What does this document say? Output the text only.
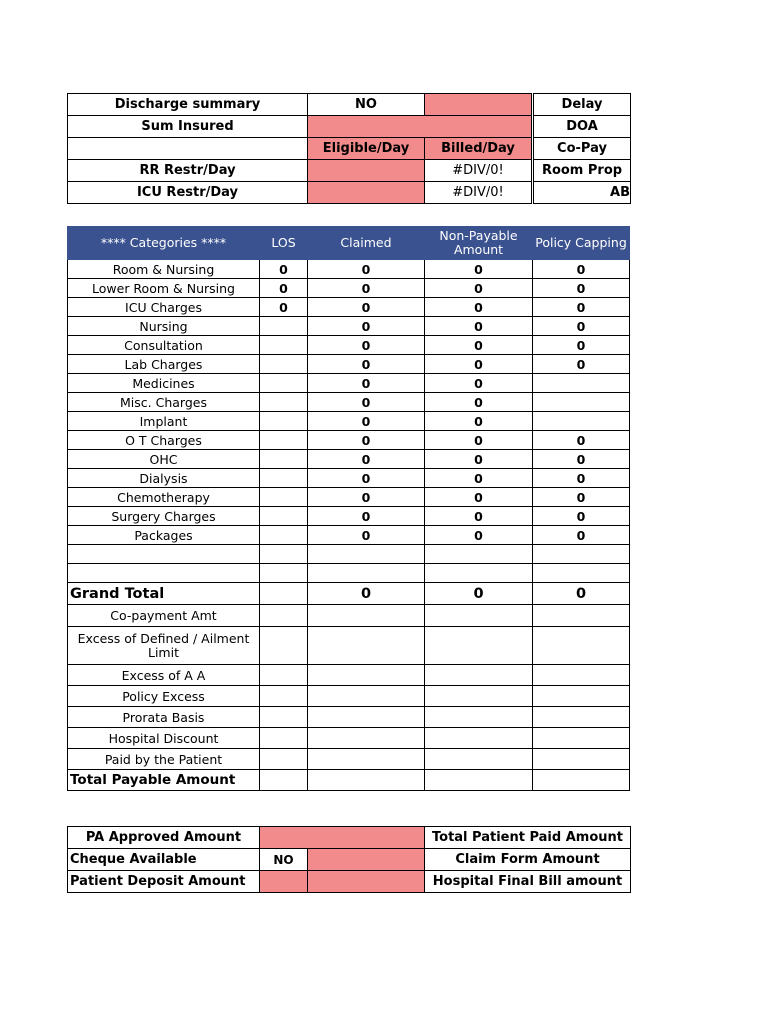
Discharge summary	NO			Delay
Sum Insured				DOA
	Eligible/Day	Billed/Day		Co-Pay
RR Restr/Day		#DIV/0!		Room Prop
ICU Restr/Day		#DIV/0!		AB
**** Categories ****	LOS	Claimed	Non-Payable Amount	Policy Capping
Room & Nursing	0	0	0	0
Lower Room & Nursing	0	0	0	0
ICU Charges	0	0	0	0
Nursing		0	0	0
Consultation		0	0	0
Lab Charges		0	0	0
Medicines		0	0	
Misc. Charges		0	0	
Implant		0	0	
O T Charges		0	0	0
OHC		0	0	0
Dialysis		0	0	0
Chemotherapy		0	0	0
Surgery Charges		0	0	0
Packages		0	0	0

Grand Total		0	0	0
Co-payment Amt				
Excess of Defined / Ailment Limit				
Excess of A A				
Policy Excess				
Prorata Basis				
Hospital Discount				
Paid by the Patient				
Total Payable Amount				
PA Approved Amount			Total Patient Paid Amount
Cheque Available	NO		Claim Form Amount
Patient Deposit Amount			Hospital Final Bill amount
